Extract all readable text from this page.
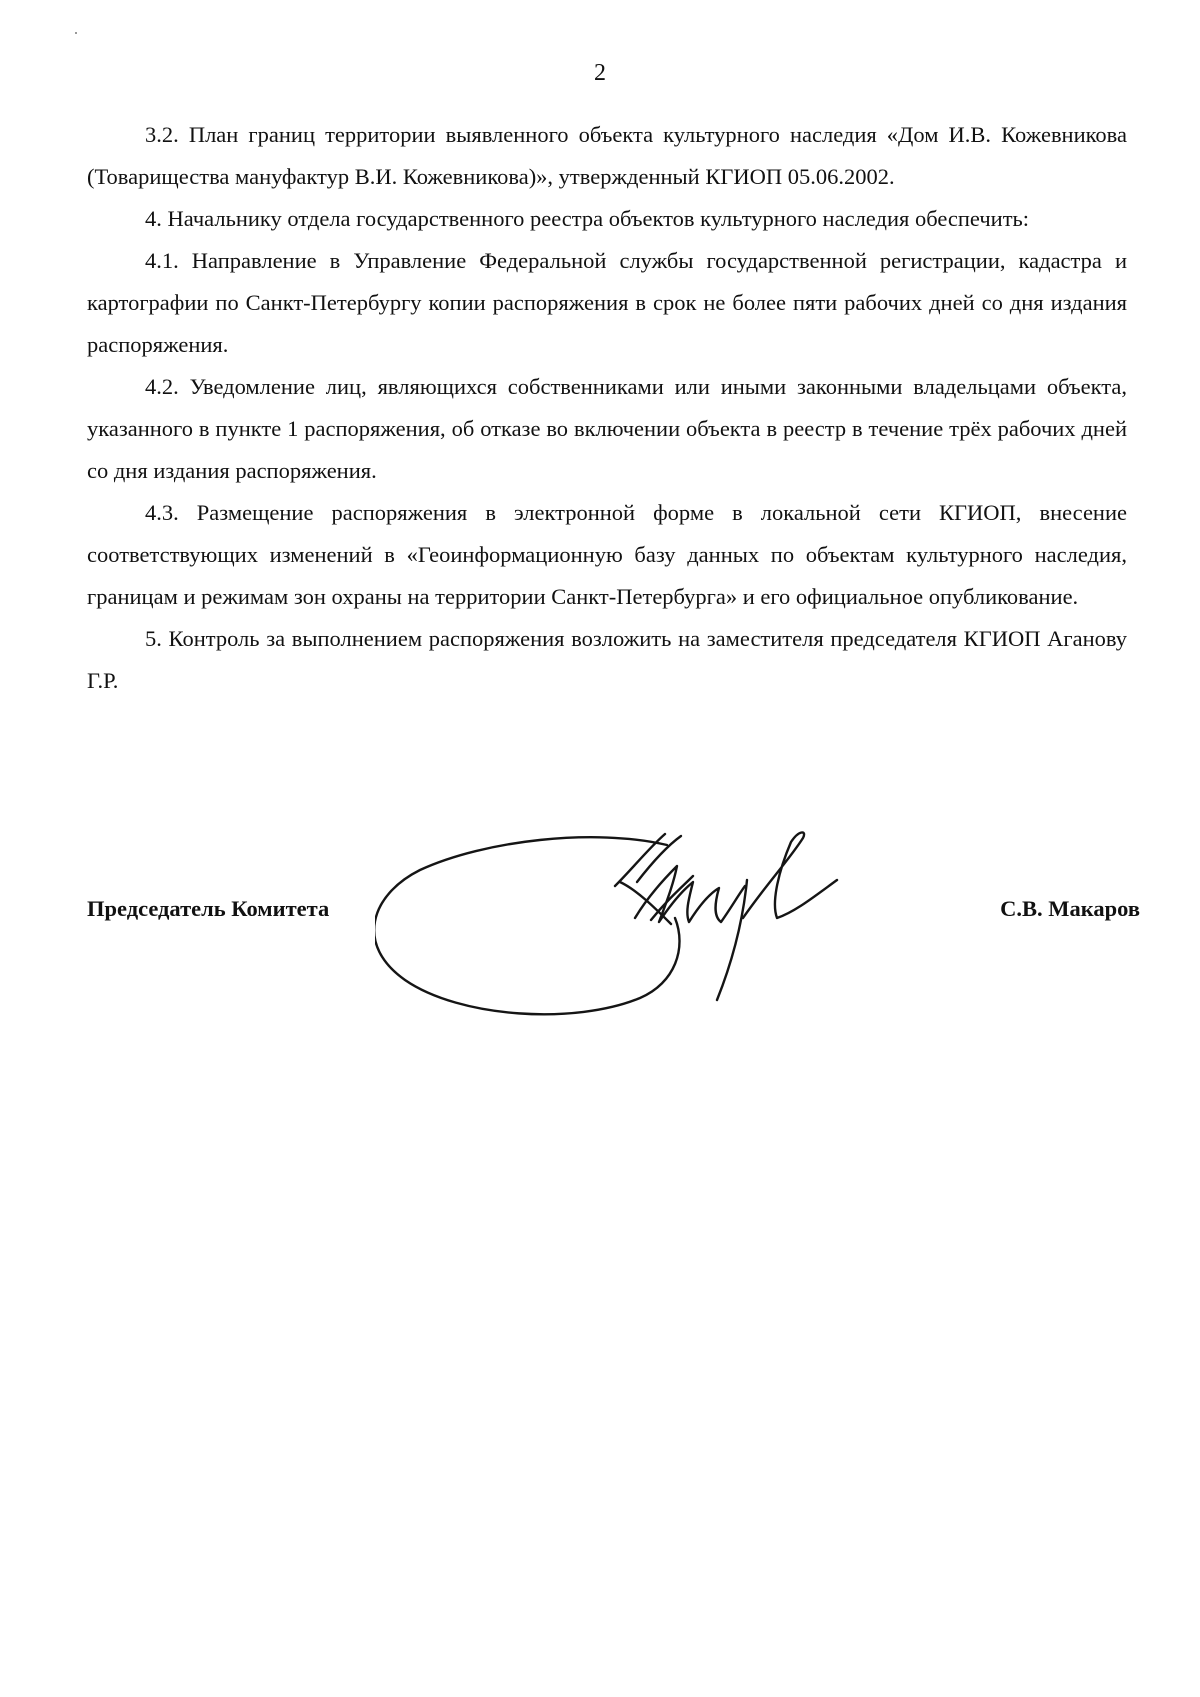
2

3.2. План границ территории выявленного объекта культурного наследия «Дом И.В. Кожевникова (Товарищества мануфактур В.И. Кожевникова)», утвержденный КГИОП 05.06.2002.

4. Начальнику отдела государственного реестра объектов культурного наследия обеспечить:

4.1. Направление в Управление Федеральной службы государственной регистрации, кадастра и картографии по Санкт-Петербургу копии распоряжения в срок не более пяти рабочих дней со дня издания распоряжения.

4.2. Уведомление лиц, являющихся собственниками или иными законными владельцами объекта, указанного в пункте 1 распоряжения, об отказе во включении объекта в реестр в течение трёх рабочих дней со дня издания распоряжения.

4.3. Размещение распоряжения в электронной форме в локальной сети КГИОП, внесение соответствующих изменений в «Геоинформационную базу данных по объектам культурного наследия, границам и режимам зон охраны на территории Санкт-Петербурга» и его официальное опубликование.

5. Контроль за выполнением распоряжения возложить на заместителя председателя КГИОП Аганову Г.Р.

Председатель Комитета	С.В. Макаров
